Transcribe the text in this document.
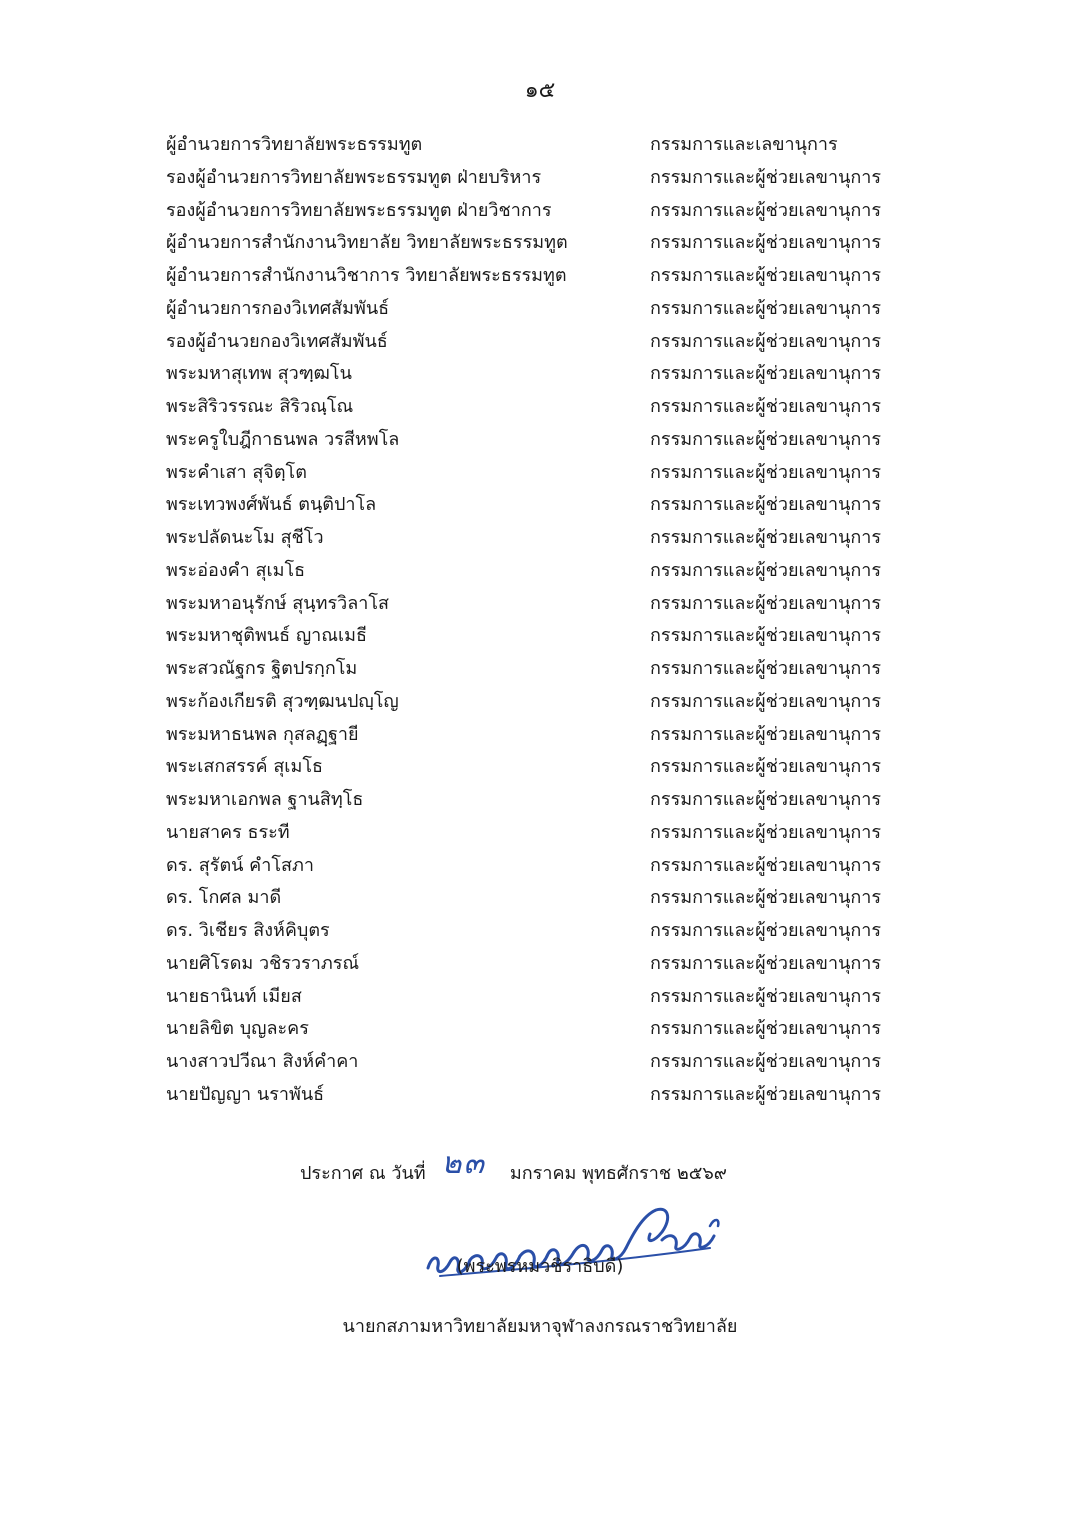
๑๕
ผู้อำนวยการวิทยาลัยพระธรรมทูต	กรรมการและเลขานุการ
รองผู้อำนวยการวิทยาลัยพระธรรมทูต ฝ่ายบริหาร	กรรมการและผู้ช่วยเลขานุการ
รองผู้อำนวยการวิทยาลัยพระธรรมทูต ฝ่ายวิชาการ	กรรมการและผู้ช่วยเลขานุการ
ผู้อำนวยการสำนักงานวิทยาลัย วิทยาลัยพระธรรมทูต	กรรมการและผู้ช่วยเลขานุการ
ผู้อำนวยการสำนักงานวิชาการ วิทยาลัยพระธรรมทูต	กรรมการและผู้ช่วยเลขานุการ
ผู้อำนวยการกองวิเทศสัมพันธ์	กรรมการและผู้ช่วยเลขานุการ
รองผู้อำนวยกองวิเทศสัมพันธ์	กรรมการและผู้ช่วยเลขานุการ
พระมหาสุเทพ สุวฑฺฒโน	กรรมการและผู้ช่วยเลขานุการ
พระสิริวรรณะ สิริวณฺโณ	กรรมการและผู้ช่วยเลขานุการ
พระครูใบฎีกาธนพล วรสีหพโล	กรรมการและผู้ช่วยเลขานุการ
พระคำเสา สุจิตฺโต	กรรมการและผู้ช่วยเลขานุการ
พระเทวพงศ์พันธ์ ตนฺติปาโล	กรรมการและผู้ช่วยเลขานุการ
พระปลัดนะโม สุชีโว	กรรมการและผู้ช่วยเลขานุการ
พระอ่องคำ สุเมโธ	กรรมการและผู้ช่วยเลขานุการ
พระมหาอนุรักษ์ สุนฺทรวิลาโส	กรรมการและผู้ช่วยเลขานุการ
พระมหาชุติพนธ์ ญาณเมธี	กรรมการและผู้ช่วยเลขานุการ
พระสวณัฐกร ฐิตปรกฺกโม	กรรมการและผู้ช่วยเลขานุการ
พระก้องเกียรติ สุวฑฺฒนปญฺโญ	กรรมการและผู้ช่วยเลขานุการ
พระมหาธนพล กุสลฏฺฐายี	กรรมการและผู้ช่วยเลขานุการ
พระเสกสรรค์ สุเมโธ	กรรมการและผู้ช่วยเลขานุการ
พระมหาเอกพล ฐานสิทฺโธ	กรรมการและผู้ช่วยเลขานุการ
นายสาคร ธระที	กรรมการและผู้ช่วยเลขานุการ
ดร. สุรัตน์ คำโสภา	กรรมการและผู้ช่วยเลขานุการ
ดร. โกศล มาดี	กรรมการและผู้ช่วยเลขานุการ
ดร. วิเชียร สิงห์คิบุตร	กรรมการและผู้ช่วยเลขานุการ
นายศิโรดม วชิรวราภรณ์	กรรมการและผู้ช่วยเลขานุการ
นายธานินท์ เมียส	กรรมการและผู้ช่วยเลขานุการ
นายลิขิต บุญละคร	กรรมการและผู้ช่วยเลขานุการ
นางสาวปวีณา สิงห์คำคา	กรรมการและผู้ช่วยเลขานุการ
นายปัญญา นราพันธ์	กรรมการและผู้ช่วยเลขานุการ
ประกาศ ณ วันที่ ๒๓ มกราคม พุทธศักราช ๒๕๖๙
(พระพรหมวชิราธิบดี)
นายกสภามหาวิทยาลัยมหาจุฬาลงกรณราชวิทยาลัย
